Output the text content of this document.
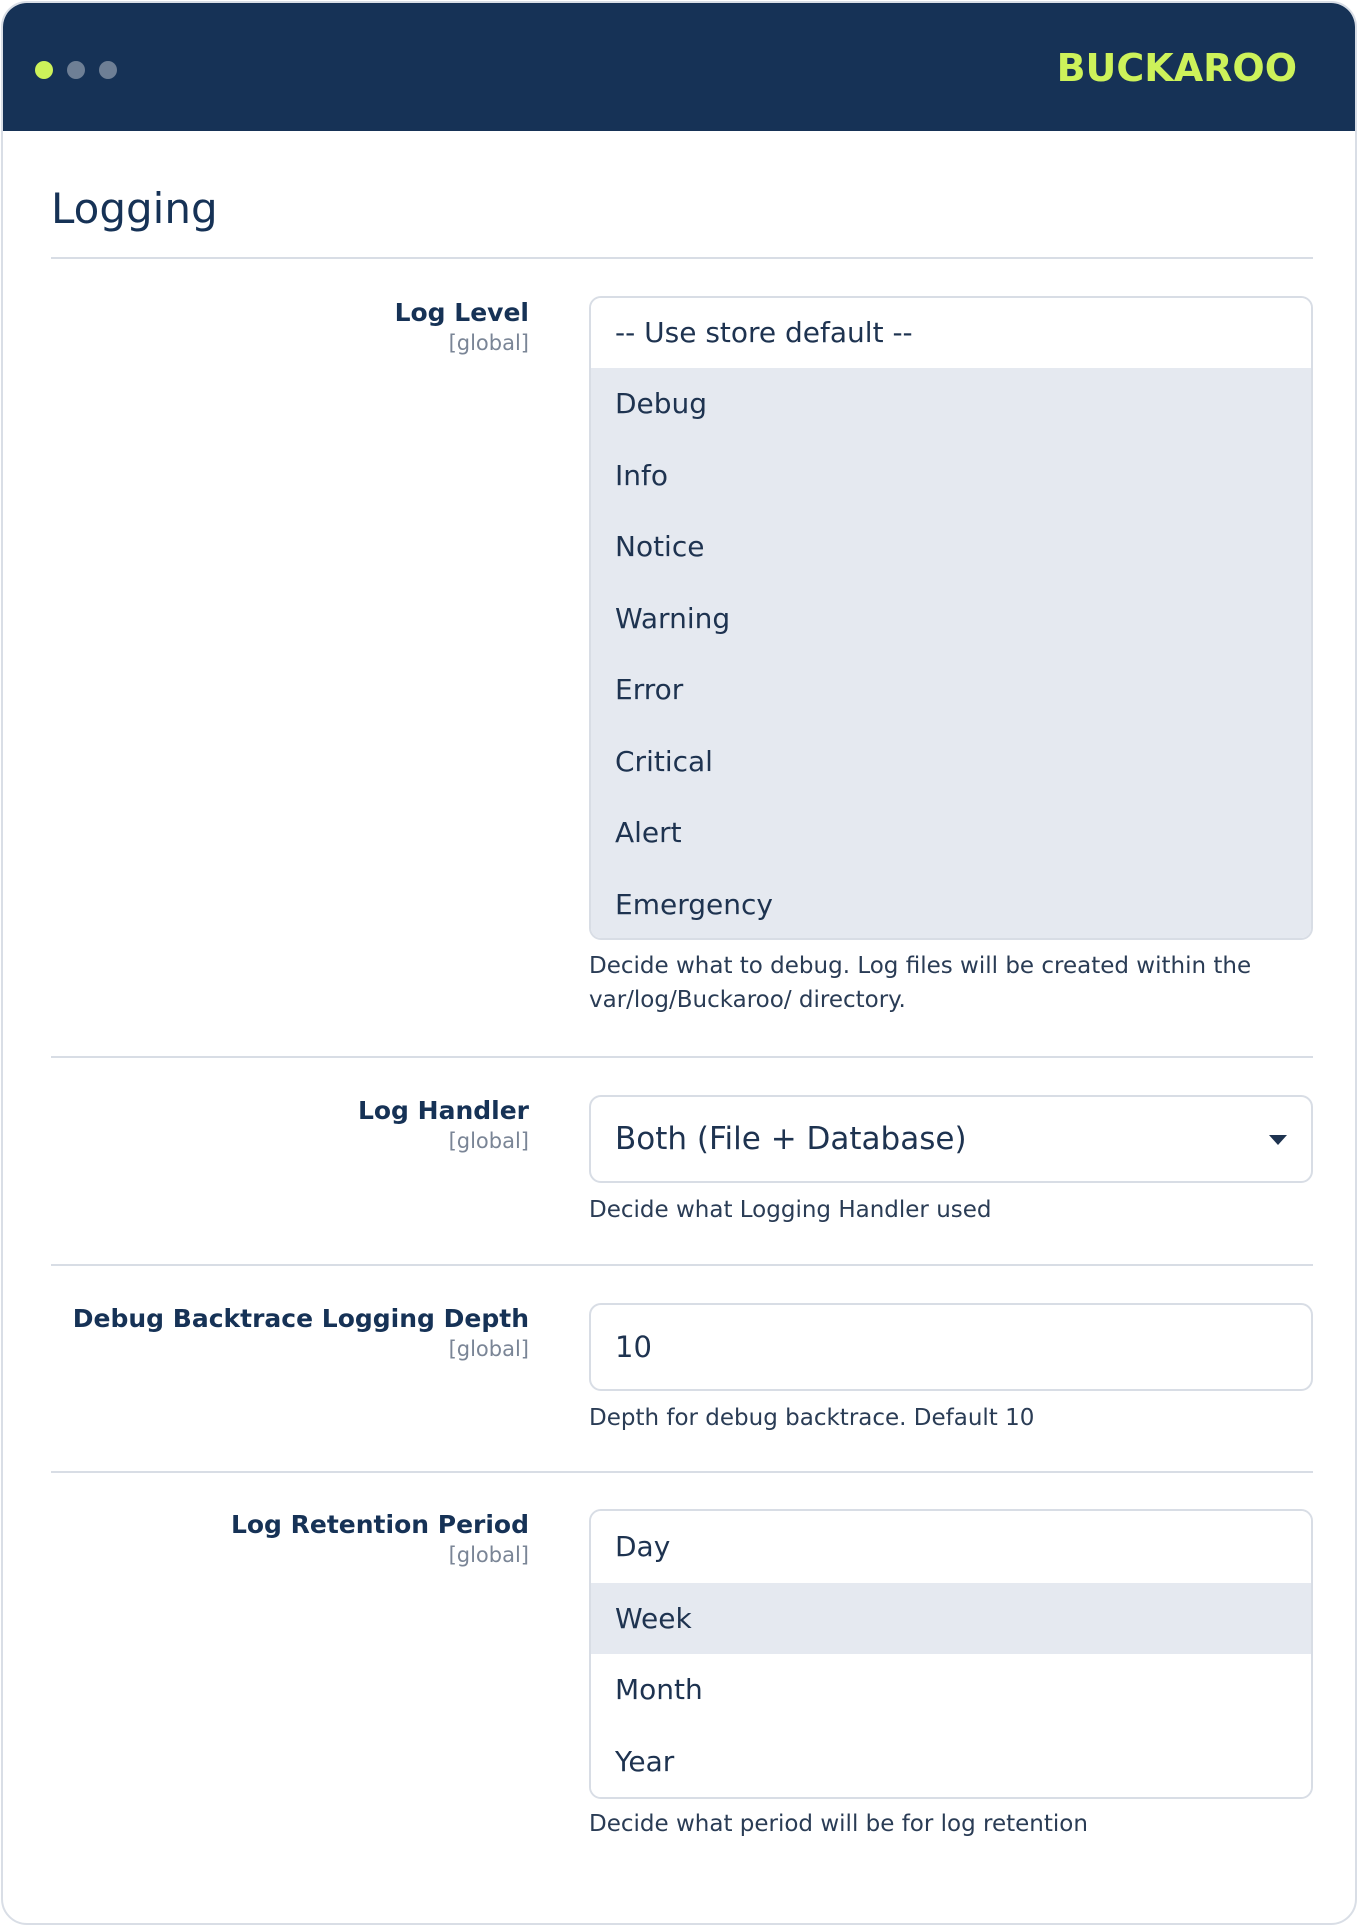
BUCKAROO
Logging
Log Level
[global]	-- Use store default --
Debug
Info
Notice
Warning
Error
Critical
Alert
Emergency
Decide what to debug. Log files will be created within the var/log/Buckaroo/ directory.
Log Handler
[global]	Both (File + Database)
Decide what Logging Handler used
Debug Backtrace Logging Depth
[global]	10
Depth for debug backtrace. Default 10
Log Retention Period
[global]	Day
Week
Month
Year
Decide what period will be for log retention
